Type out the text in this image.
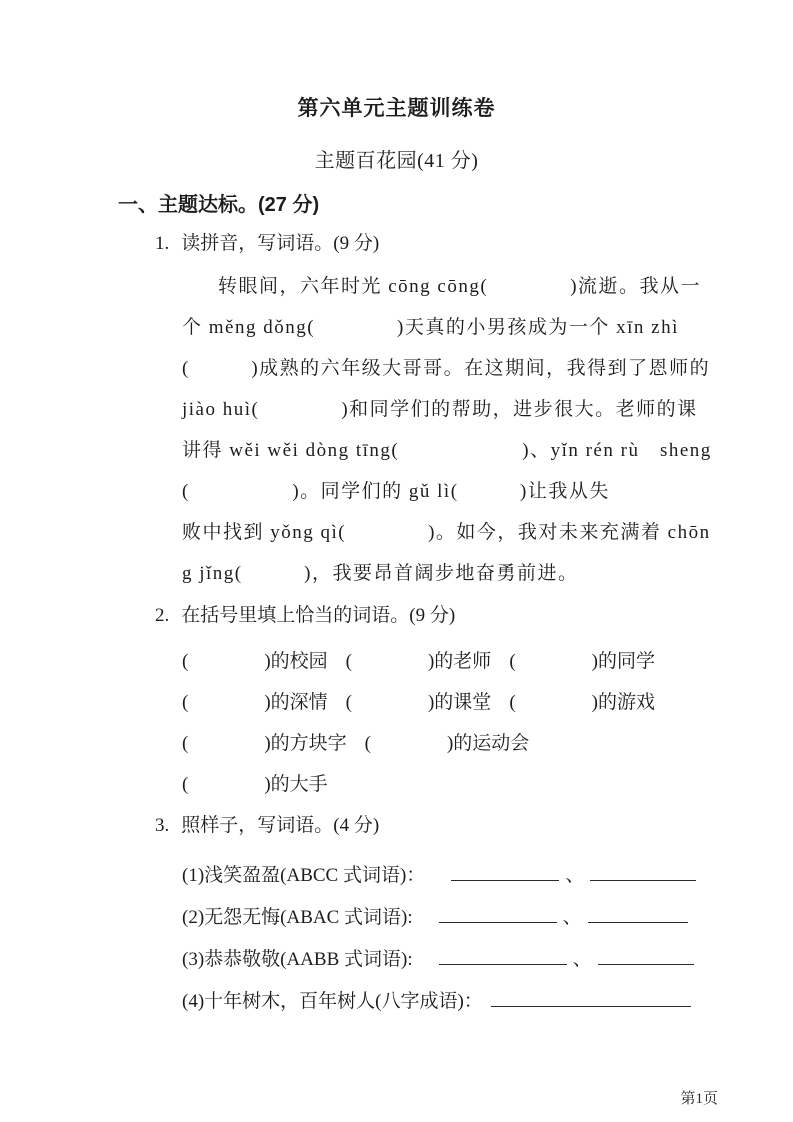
第六单元主题训练卷
主题百花园(41 分)
一、主题达标。(27 分)
1. 读拼音，写词语。(9 分)
转眼间，六年时光 cōng cōng(　　　　)流逝。我从一
个 měng dǒng(　　　　)天真的小男孩成为一个 xīn zhì
(　　　)成熟的六年级大哥哥。在这期间，我得到了恩师的
jiào huì(　　　　)和同学们的帮助，进步很大。老师的课
讲得 wěi wěi dòng tīng(　　　　　　)、yǐn rén rù　sheng
(　　　　　)。同学们的 gǔ lì(　　　)让我从失
败中找到 yǒng qì(　　　　)。如今，我对未来充满着 chōn
g jǐng(　　　)，我要昂首阔步地奋勇前进。
2. 在括号里填上恰当的词语。(9 分)
(　　　　)的校园 (　　　　)的老师 (　　　　)的同学
(　　　　)的深情 (　　　　)的课堂 (　　　　)的游戏
(　　　　)的方块字 (　　　　)的运动会
(　　　　)的大手
3. 照样子，写词语。(4 分)
(1)浅笑盈盈(ABCC 式词语)：	、
(2)无怨无悔(ABAC 式词语):	、
(3)恭恭敬敬(AABB 式词语):	、
(4)十年树木，百年树人(八字成语)：
第1页
